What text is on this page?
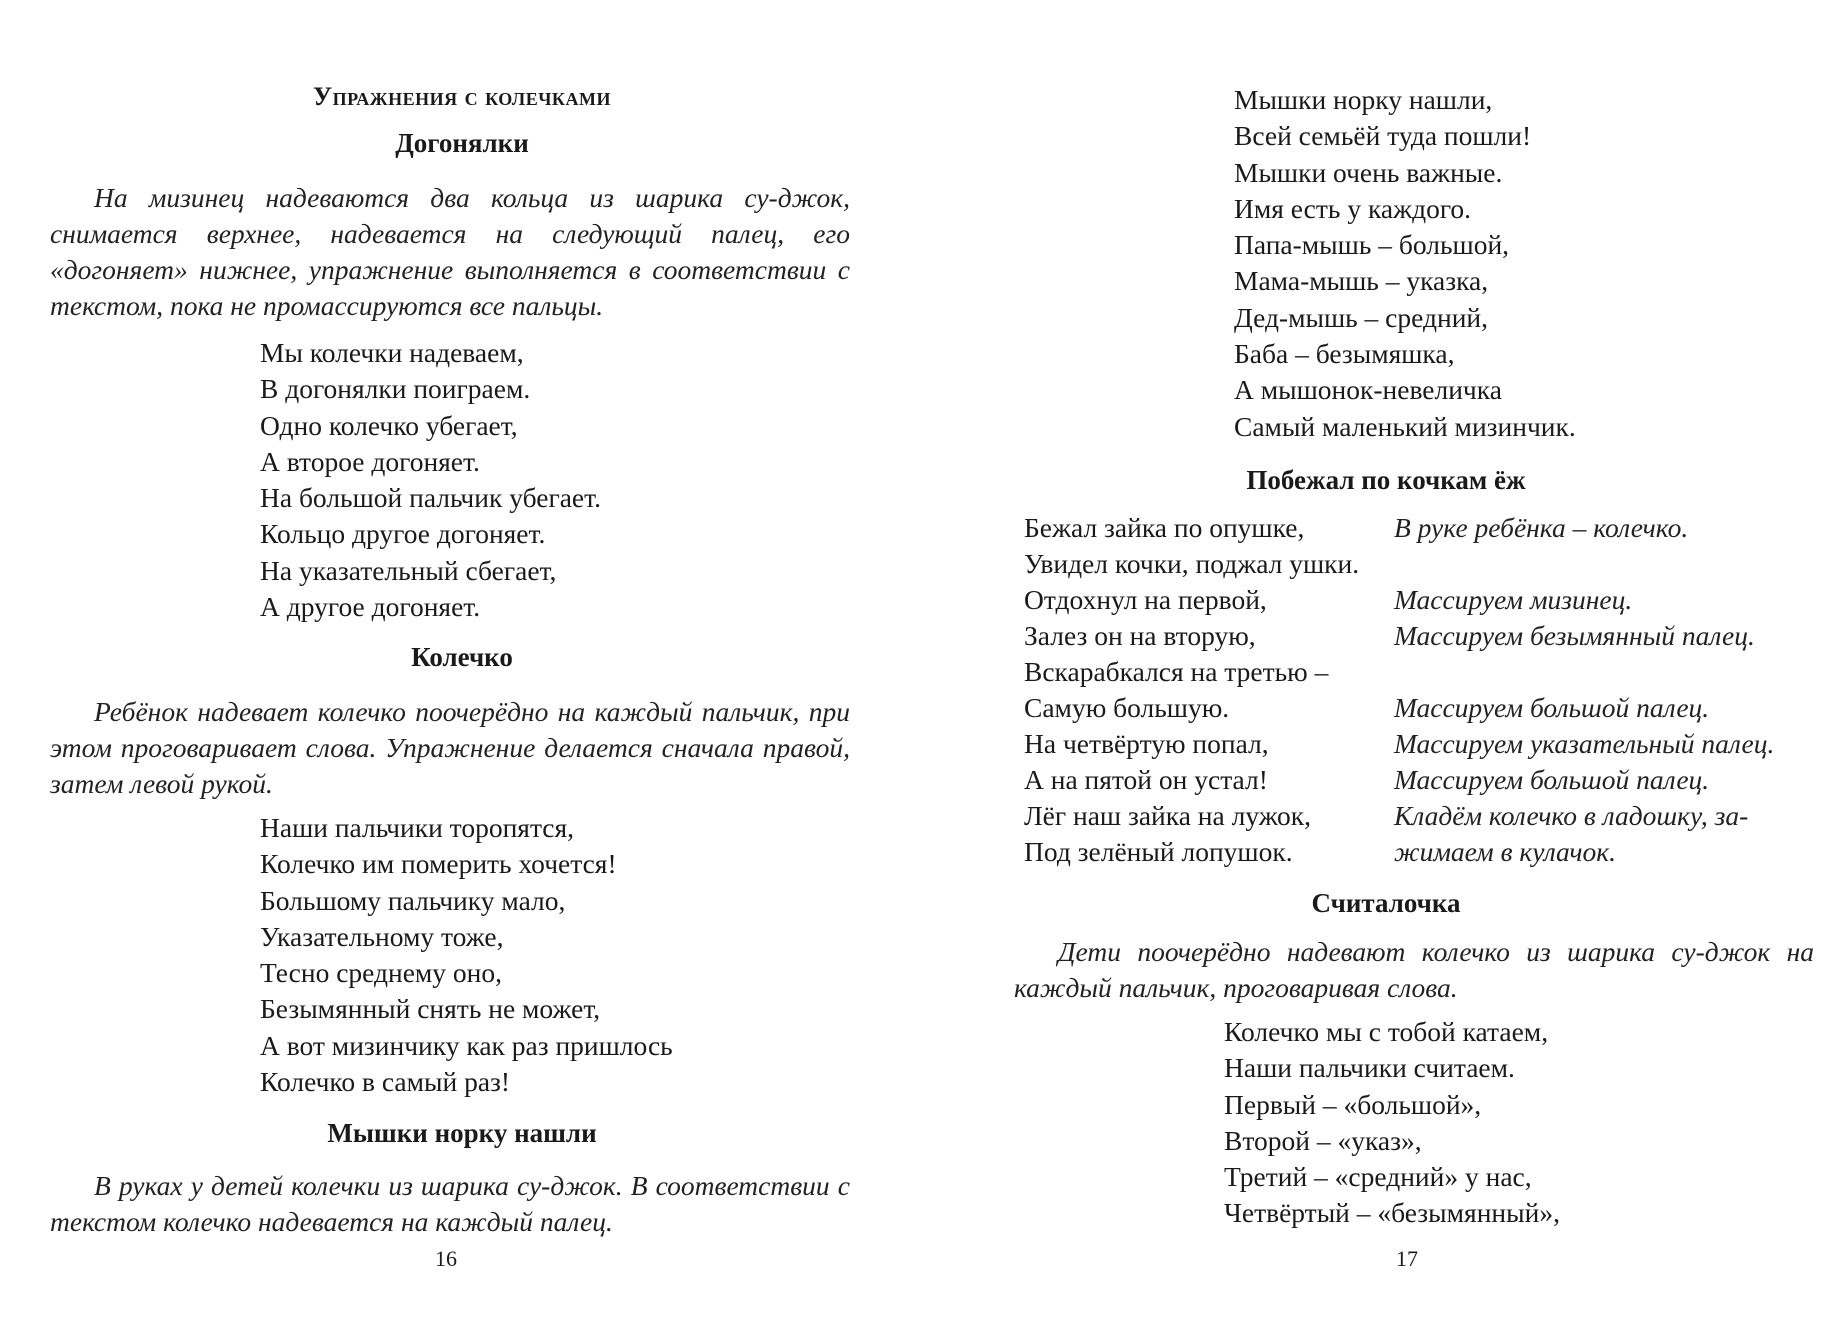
Упражнения с колечками
Догонялки
На мизинец надеваются два кольца из шарика су-джок, снимается верхнее, надевается на следующий палец, его «догоняет» нижнее, упражнение выполняется в соответствии с текстом, пока не промассируются все пальцы.
Мы колечки надеваем,
В догонялки поиграем.
Одно колечко убегает,
А второе догоняет.
На большой пальчик убегает.
Кольцо другое догоняет.
На указательный сбегает,
А другое догоняет.
Колечко
Ребёнок надевает колечко поочерёдно на каждый пальчик, при этом проговаривает слова. Упражнение делается сначала правой, затем левой рукой.
Наши пальчики торопятся,
Колечко им померить хочется!
Большому пальчику мало,
Указательному тоже,
Тесно среднему оно,
Безымянный снять не может,
А вот мизинчику как раз пришлось
Колечко в самый раз!
Мышки норку нашли
В руках у детей колечки из шарика су-джок. В соответствии с текстом колечко надевается на каждый палец.
16
Мышки норку нашли,
Всей семьёй туда пошли!
Мышки очень важные.
Имя есть у каждого.
Папа-мышь – большой,
Мама-мышь – указка,
Дед-мышь – средний,
Баба – безымяшка,
А мышонок-невеличка
Самый маленький мизинчик.
Побежал по кочкам ёж
Бежал зайка по опушке,	В руке ребёнка – колечко.
Увидел кочки, поджал ушки.
Отдохнул на первой,	Массируем мизинец.
Залез он на вторую,	Массируем безымянный палец.
Вскарабкался на третью –
Самую большую.	Массируем большой палец.
На четвёртую попал,	Массируем указательный палец.
А на пятой он устал!	Массируем большой палец.
Лёг наш зайка на лужок,	Кладём колечко в ладошку, за-
Под зелёный лопушок.	жимаем в кулачок.
Считалочка
Дети поочерёдно надевают колечко из шарика су-джок на каждый пальчик, проговаривая слова.
Колечко мы с тобой катаем,
Наши пальчики считаем.
Первый – «большой»,
Второй – «указ»,
Третий – «средний» у нас,
Четвёртый – «безымянный»,
17
